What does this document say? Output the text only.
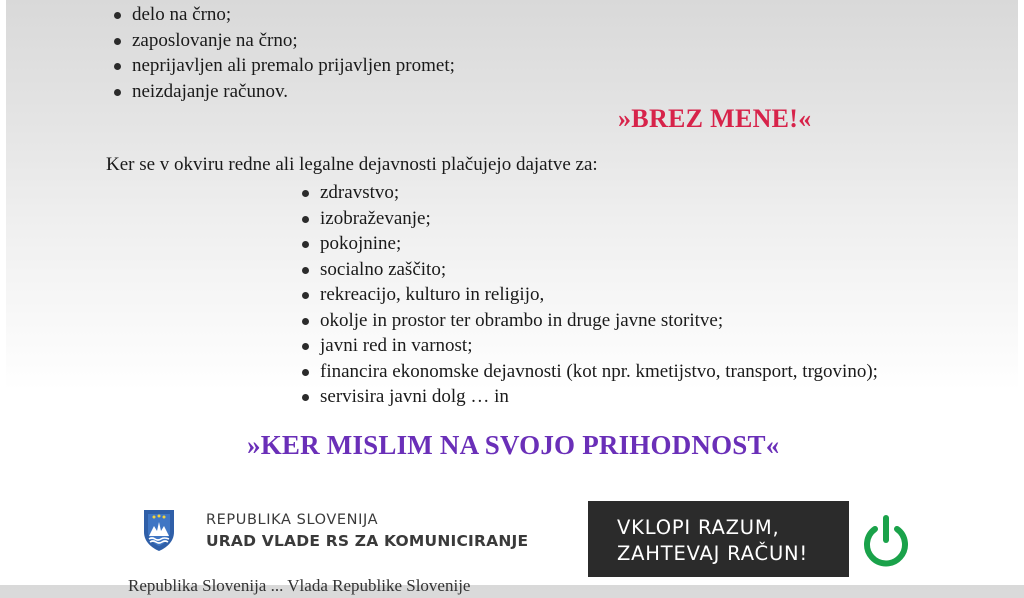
delo na črno;
zaposlovanje na črno;
neprijavljen ali premalo prijavljen promet;
neizdajanje računov.
»BREZ MENE!«
Ker se v okviru redne ali legalne dejavnosti plačujejo dajatve za:
zdravstvo;
izobraževanje;
pokojnine;
socialno zaščito;
rekreacijo, kulturo in religijo,
okolje in prostor ter obrambo in druge javne storitve;
javni red in varnost;
financira ekonomske dejavnosti (kot npr. kmetijstvo, transport, trgovino);
servisira javni dolg … in
»KER MISLIM NA SVOJO PRIHODNOST«
REPUBLIKA SLOVENIJA
URAD VLADE RS ZA KOMUNICIRANJE
VKLOPI RAZUM,
ZAHTEVAJ RAČUN!
Republika Slovenija ... Vlada Republike Slovenije
